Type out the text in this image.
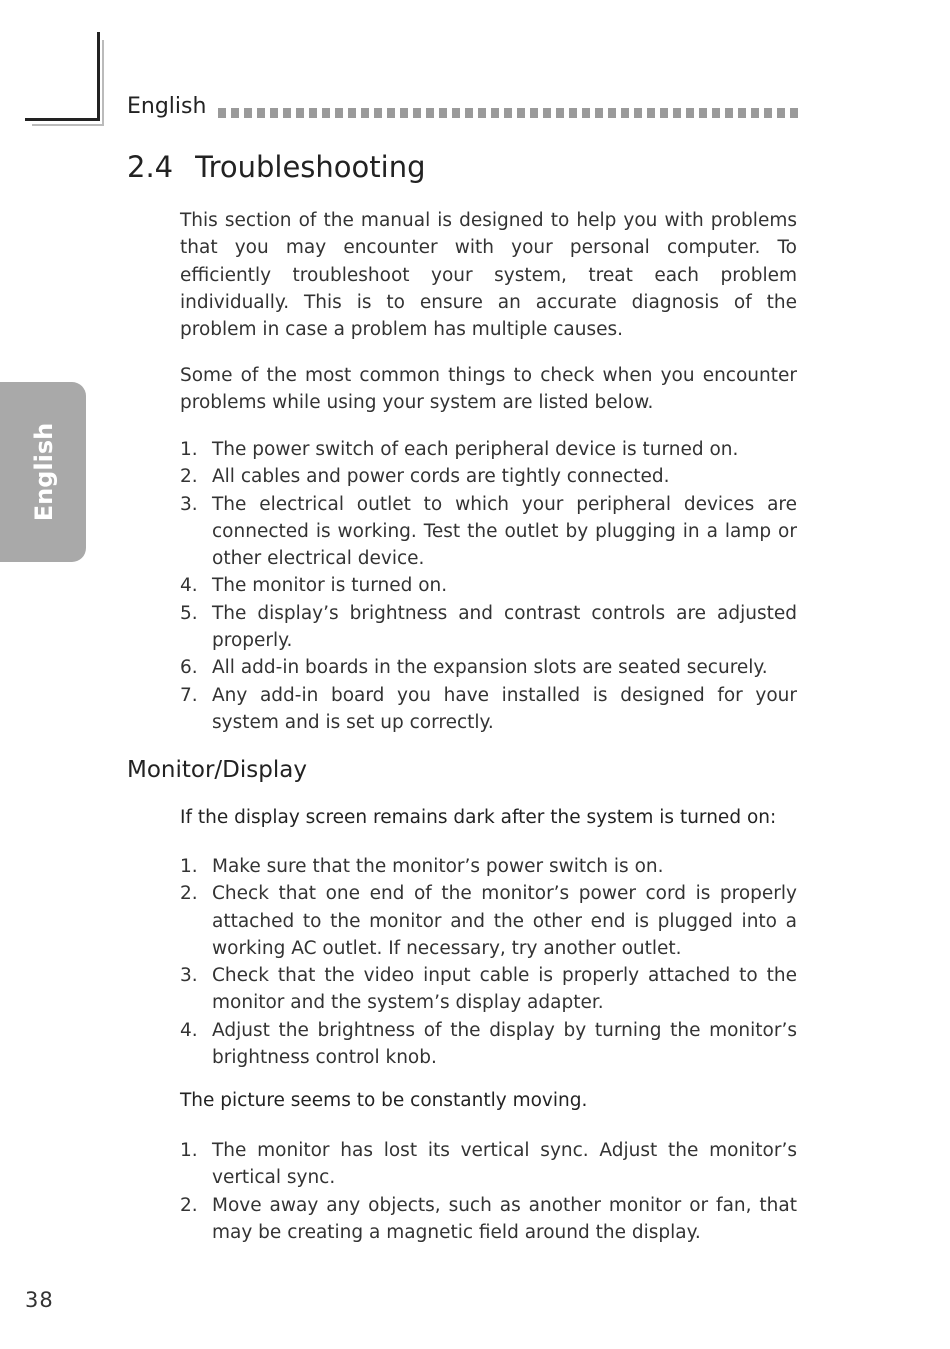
English
English
2.4 Troubleshooting

This section of the manual is designed to help you with problems that you may encounter with your personal computer. To efficiently troubleshoot your system, treat each problem individually. This is to ensure an accurate diagnosis of the problem in case a problem has multiple causes.

Some of the most common things to check when you encounter problems while using your system are listed below.

1. The power switch of each peripheral device is turned on.
2. All cables and power cords are tightly connected.
3. The electrical outlet to which your peripheral devices are connected is working. Test the outlet by plugging in a lamp or other electrical device.
4. The monitor is turned on.
5. The display’s brightness and contrast controls are adjusted properly.
6. All add-in boards in the expansion slots are seated securely.
7. Any add-in board you have installed is designed for your system and is set up correctly.
Monitor/Display
If the display screen remains dark after the system is turned on:
1. Make sure that the monitor’s power switch is on.
2. Check that one end of the monitor’s power cord is properly attached to the monitor and the other end is plugged into a working AC outlet. If necessary, try another outlet.
3. Check that the video input cable is properly attached to the monitor and the system’s display adapter.
4. Adjust the brightness of the display by turning the monitor’s brightness control knob.
The picture seems to be constantly moving.
1. The monitor has lost its vertical sync. Adjust the monitor’s vertical sync.
2. Move away any objects, such as another monitor or fan, that may be creating a magnetic field around the display.
38
